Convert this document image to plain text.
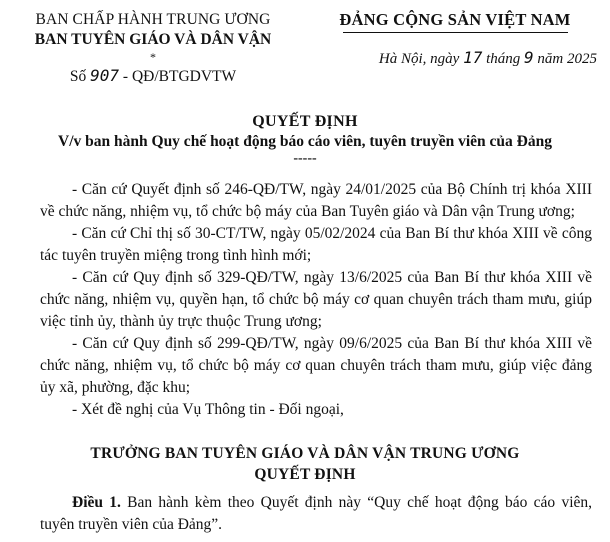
BAN CHẤP HÀNH TRUNG ƯƠNG
BAN TUYÊN GIÁO VÀ DÂN VẬN
*
Số 907 - QĐ/BTGDVTW
ĐẢNG CỘNG SẢN VIỆT NAM
Hà Nội, ngày 17 tháng 9 năm 2025
QUYẾT ĐỊNH
V/v ban hành Quy chế hoạt động báo cáo viên, tuyên truyền viên của Đảng
-----

- Căn cứ Quyết định số 246-QĐ/TW, ngày 24/01/2025 của Bộ Chính trị khóa XIII về chức năng, nhiệm vụ, tổ chức bộ máy của Ban Tuyên giáo và Dân vận Trung ương;

- Căn cứ Chỉ thị số 30-CT/TW, ngày 05/02/2024 của Ban Bí thư khóa XIII về công tác tuyên truyền miệng trong tình hình mới;

- Căn cứ Quy định số 329-QĐ/TW, ngày 13/6/2025 của Ban Bí thư khóa XIII về chức năng, nhiệm vụ, quyền hạn, tổ chức bộ máy cơ quan chuyên trách tham mưu, giúp việc tỉnh ủy, thành ủy trực thuộc Trung ương;

- Căn cứ Quy định số 299-QĐ/TW, ngày 09/6/2025 của Ban Bí thư khóa XIII về chức năng, nhiệm vụ, tổ chức bộ máy cơ quan chuyên trách tham mưu, giúp việc đảng ủy xã, phường, đặc khu;

- Xét đề nghị của Vụ Thông tin - Đối ngoại,

TRƯỞNG BAN TUYÊN GIÁO VÀ DÂN VẬN TRUNG ƯƠNG
QUYẾT ĐỊNH

Điều 1. Ban hành kèm theo Quyết định này “Quy chế hoạt động báo cáo viên, tuyên truyền viên của Đảng”.
